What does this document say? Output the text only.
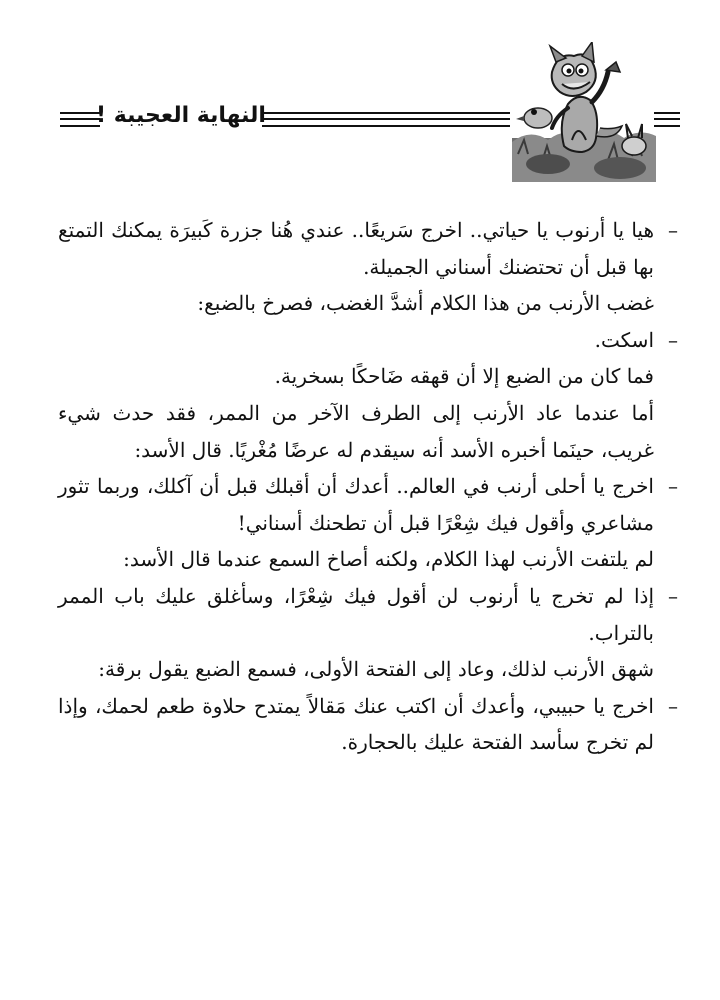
النهاية العجيبة !

–
هيا يا أرنوب يا حياتي.. اخرج سَريعًا.. عندي هُنا جزرة كَبيرَة يمكنك التمتع بها قبل أن تحتضنك أسناني الجميلة.

غضب الأرنب من هذا الكلام أشدَّ الغضب، فصرخ بالضبع:

–
اسكت.

فما كان من الضبع إلا أن قهقه ضَاحكًا بسخرية.

أما عندما عاد الأرنب إلى الطرف الآخر من الممر، فقد حدث شيء غريب، حينَما أخبره الأسد أنه سيقدم له عرضًا مُغْريًا. قال الأسد:

–
اخرج يا أحلى أرنب في العالم.. أعدك أن أقبلك قبل أن آكلك، وربما تثور مشاعري وأقول فيك شِعْرًا قبل أن تطحنك أسناني!

لم يلتفت الأرنب لهذا الكلام، ولكنه أصاخ السمع عندما قال الأسد:

–
إذا لم تخرج يا أرنوب لن أقول فيك شِعْرًا، وسأغلق عليك باب الممر بالتراب.

شهق الأرنب لذلك، وعاد إلى الفتحة الأولى، فسمع الضبع يقول برقة:

–
اخرج يا حبيبي، وأعدك أن اكتب عنك مَقالاً يمتدح حلاوة طعم لحمك، وإذا لم تخرج سأسد الفتحة عليك بالحجارة.
